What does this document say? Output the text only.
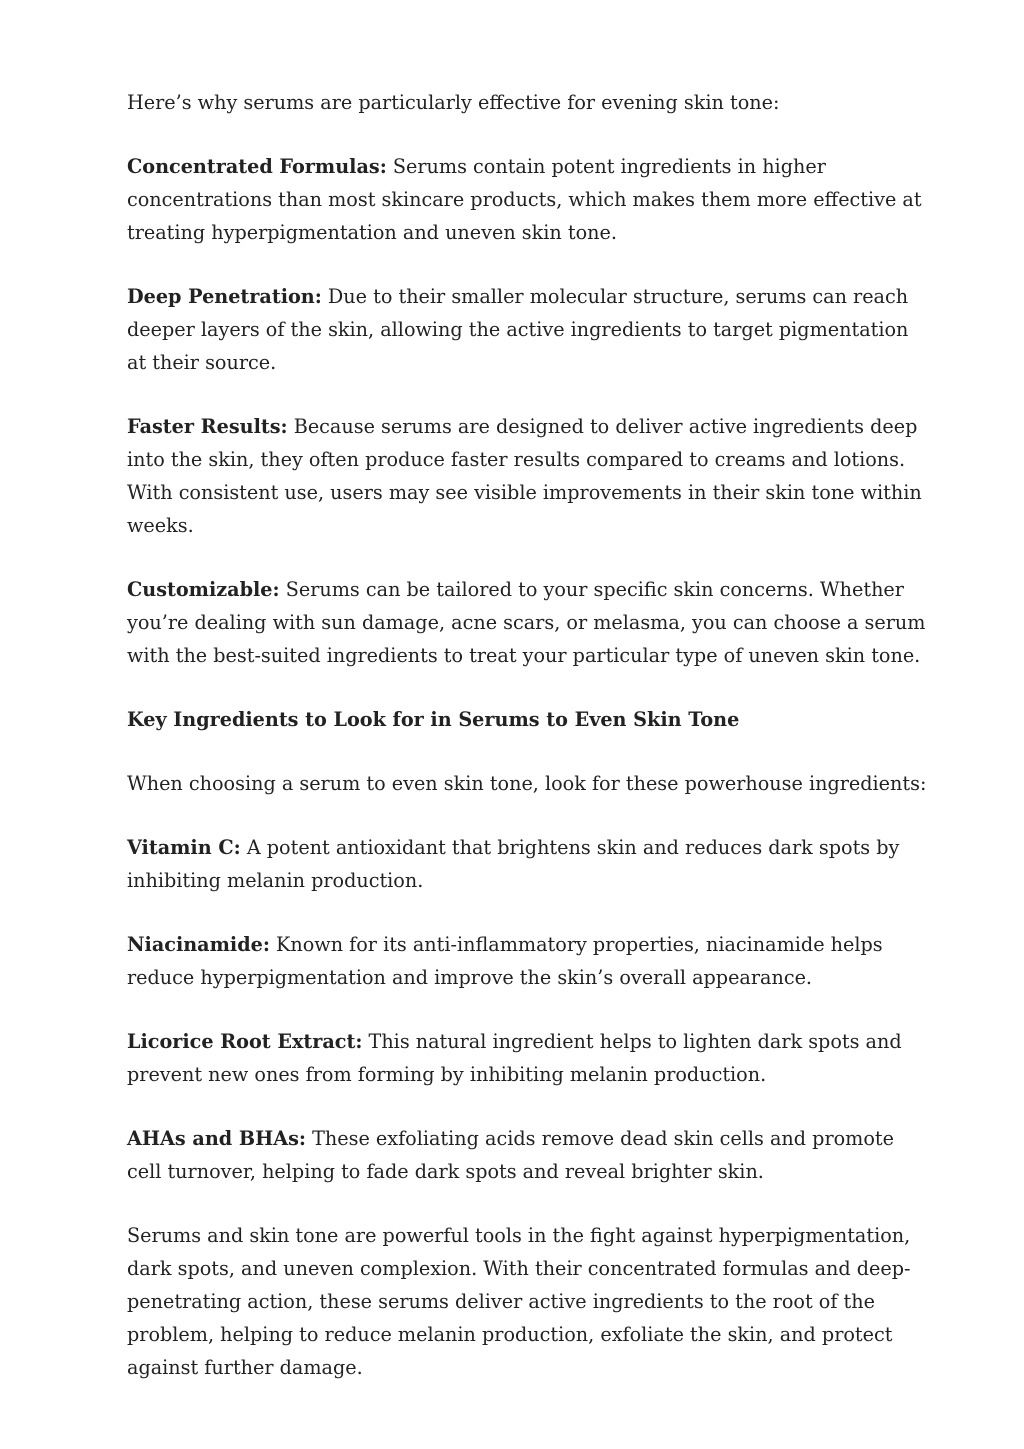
Here’s why serums are particularly effective for evening skin tone:

Concentrated Formulas: Serums contain potent ingredients in higher concentrations than most skincare products, which makes them more effective at treating hyperpigmentation and uneven skin tone.

Deep Penetration: Due to their smaller molecular structure, serums can reach deeper layers of the skin, allowing the active ingredients to target pigmentation at their source.

Faster Results: Because serums are designed to deliver active ingredients deep into the skin, they often produce faster results compared to creams and lotions. With consistent use, users may see visible improvements in their skin tone within weeks.

Customizable: Serums can be tailored to your specific skin concerns. Whether you’re dealing with sun damage, acne scars, or melasma, you can choose a serum with the best-suited ingredients to treat your particular type of uneven skin tone.

Key Ingredients to Look for in Serums to Even Skin Tone

When choosing a serum to even skin tone, look for these powerhouse ingredients:

Vitamin C: A potent antioxidant that brightens skin and reduces dark spots by inhibiting melanin production.

Niacinamide: Known for its anti-inflammatory properties, niacinamide helps reduce hyperpigmentation and improve the skin’s overall appearance.

Licorice Root Extract: This natural ingredient helps to lighten dark spots and prevent new ones from forming by inhibiting melanin production.

AHAs and BHAs: These exfoliating acids remove dead skin cells and promote cell turnover, helping to fade dark spots and reveal brighter skin.

Serums and skin tone are powerful tools in the fight against hyperpigmentation, dark spots, and uneven complexion. With their concentrated formulas and deep-penetrating action, these serums deliver active ingredients to the root of the problem, helping to reduce melanin production, exfoliate the skin, and protect against further damage.
